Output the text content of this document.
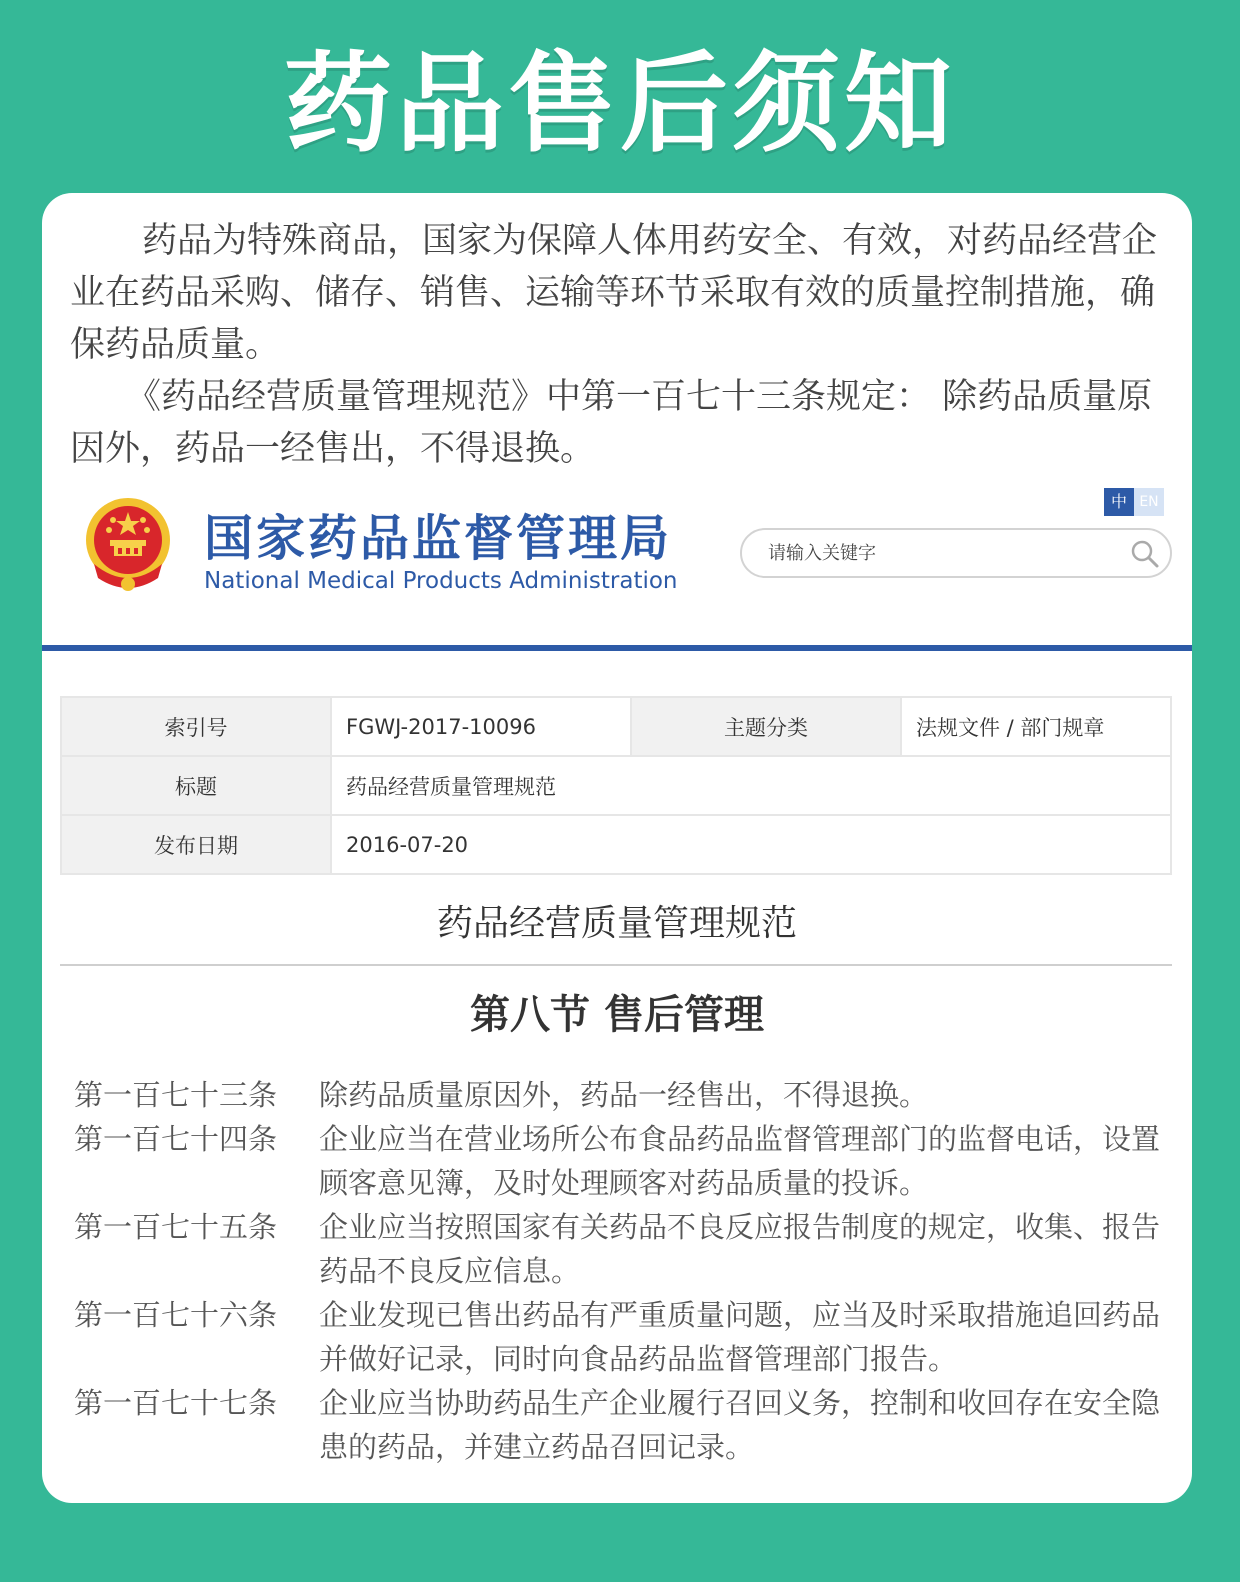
药品售后须知

药品为特殊商品，国家为保障人体用药安全、有效，对药品经营企业在药品采购、储存、销售、运输等环节采取有效的质量控制措施，确保药品质量。

《药品经营质量管理规范》中第一百七十三条规定： 除药品质量原因外，药品一经售出，不得退换。

国家药品监督管理局
National Medical Products Administration
中 EN
请输入关键字
索引号	FGWJ-2017-10096	主题分类	法规文件 / 部门规章
标题	药品经营质量管理规范		
发布日期	2016-07-20		
药品经营质量管理规范
第八节 售后管理
第一百七十三条	除药品质量原因外，药品一经售出，不得退换。
第一百七十四条	企业应当在营业场所公布食品药品监督管理部门的监督电话，设置顾客意见簿，及时处理顾客对药品质量的投诉。
第一百七十五条	企业应当按照国家有关药品不良反应报告制度的规定，收集、报告药品不良反应信息。
第一百七十六条	企业发现已售出药品有严重质量问题，应当及时采取措施追回药品并做好记录，同时向食品药品监督管理部门报告。
第一百七十七条	企业应当协助药品生产企业履行召回义务，控制和收回存在安全隐患的药品，并建立药品召回记录。
